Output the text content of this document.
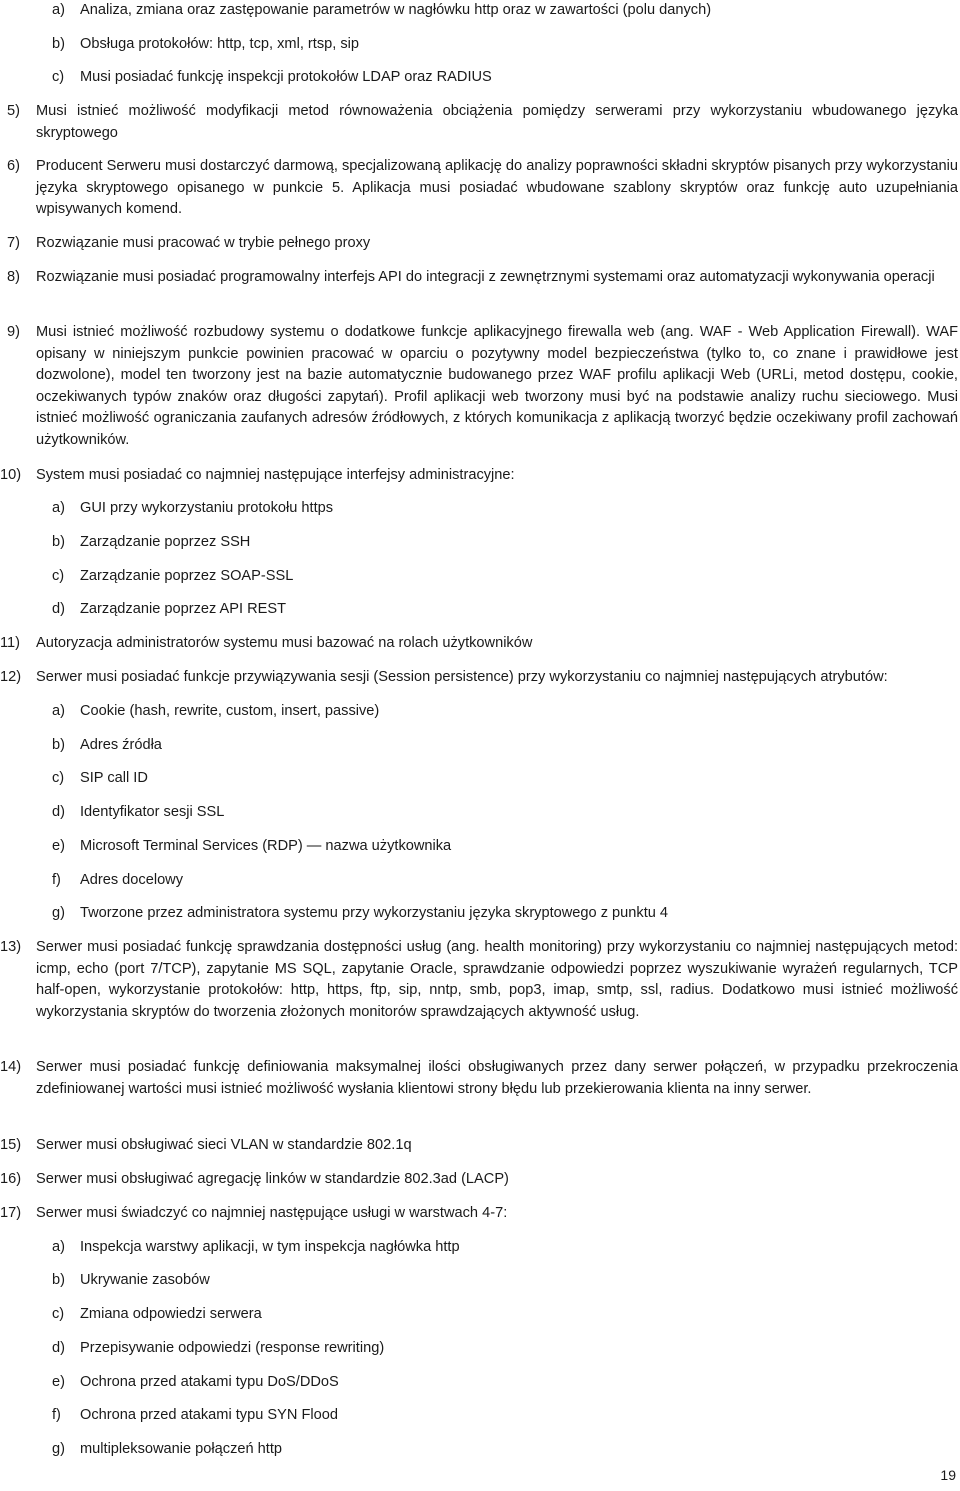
a) Analiza, zmiana oraz zastępowanie parametrów w nagłówku http oraz w zawartości (polu danych)
b) Obsługa protokołów: http, tcp, xml, rtsp, sip
c) Musi posiadać funkcję inspekcji protokołów LDAP oraz RADIUS
5) Musi istnieć możliwość modyfikacji metod równoważenia obciążenia pomiędzy serwerami przy wykorzystaniu wbudowanego języka skryptowego
6) Producent Serweru musi dostarczyć darmową, specjalizowaną aplikację do analizy poprawności składni skryptów pisanych przy wykorzystaniu języka skryptowego opisanego w punkcie 5. Aplikacja musi posiadać wbudowane szablony skryptów oraz funkcję auto uzupełniania wpisywanych komend.
7) Rozwiązanie musi pracować w trybie pełnego proxy
8) Rozwiązanie musi posiadać programowalny interfejs API do integracji z zewnętrznymi systemami oraz automatyzacji wykonywania operacji
9) Musi istnieć możliwość rozbudowy systemu o dodatkowe funkcje aplikacyjnego firewalla web (ang. WAF - Web Application Firewall). WAF opisany w niniejszym punkcie powinien pracować w oparciu o pozytywny model bezpieczeństwa (tylko to, co znane i prawidłowe jest dozwolone), model ten tworzony jest na bazie automatycznie budowanego przez WAF profilu aplikacji Web (URLi, metod dostępu, cookie, oczekiwanych typów znaków oraz długości zapytań). Profil aplikacji web tworzony musi być na podstawie analizy ruchu sieciowego. Musi istnieć możliwość ograniczania zaufanych adresów źródłowych, z których komunikacja z aplikacją tworzyć będzie oczekiwany profil zachowań użytkowników.
10) System musi posiadać co najmniej następujące interfejsy administracyjne:
a) GUI przy wykorzystaniu protokołu https
b) Zarządzanie poprzez SSH
c) Zarządzanie poprzez SOAP-SSL
d) Zarządzanie poprzez API REST
11) Autoryzacja administratorów systemu musi bazować na rolach użytkowników
12) Serwer musi posiadać funkcje przywiązywania sesji (Session persistence) przy wykorzystaniu co najmniej następujących atrybutów:
a) Cookie (hash, rewrite, custom, insert, passive)
b) Adres źródła
c) SIP call ID
d) Identyfikator sesji SSL
e) Microsoft Terminal Services (RDP) — nazwa użytkownika
f) Adres docelowy
g) Tworzone przez administratora systemu przy wykorzystaniu języka skryptowego z punktu 4
13) Serwer musi posiadać funkcję sprawdzania dostępności usług (ang. health monitoring) przy wykorzystaniu co najmniej następujących metod: icmp, echo (port 7/TCP), zapytanie MS SQL, zapytanie Oracle, sprawdzanie odpowiedzi poprzez wyszukiwanie wyrażeń regularnych, TCP half-open, wykorzystanie protokołów: http, https, ftp, sip, nntp, smb, pop3, imap, smtp, ssl, radius. Dodatkowo musi istnieć możliwość wykorzystania skryptów do tworzenia złożonych monitorów sprawdzających aktywność usług.
14) Serwer musi posiadać funkcję definiowania maksymalnej ilości obsługiwanych przez dany serwer połączeń, w przypadku przekroczenia zdefiniowanej wartości musi istnieć możliwość wysłania klientowi strony błędu lub przekierowania klienta na inny serwer.
15) Serwer musi obsługiwać sieci VLAN w standardzie 802.1q
16) Serwer musi obsługiwać agregację linków w standardzie 802.3ad (LACP)
17) Serwer musi świadczyć co najmniej następujące usługi w warstwach 4-7:
a) Inspekcja warstwy aplikacji, w tym inspekcja nagłówka http
b) Ukrywanie zasobów
c) Zmiana odpowiedzi serwera
d) Przepisywanie odpowiedzi (response rewriting)
e) Ochrona przed atakami typu DoS/DDoS
f) Ochrona przed atakami typu SYN Flood
g) multipleksowanie połączeń http
19
